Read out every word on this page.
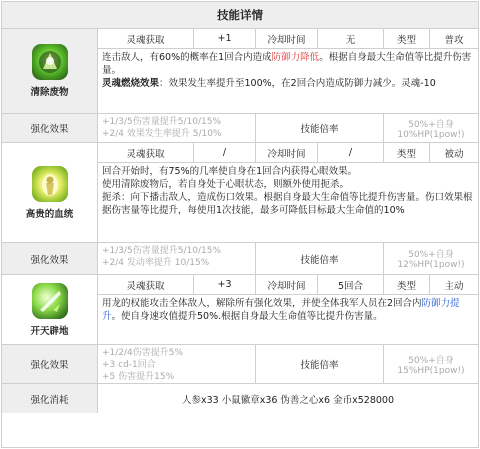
技能详情
清除废物
灵魂获取	+1	冷却时间	无	类型	普攻

连击敌人，有60%的概率在1回合内造成防御力降低。根据自身最大生命值等比提升伤害量。

灵魂燃烧效果：效果发生率提升至100%，在2回合内造成防御力减少。灵魂-10

强化效果
+1/3/5伤害量提升5/10/15%
+2/4 效果发生率提升 5/10%	技能倍率	50%+自身10%HP(1pow!)
高贵的血统
灵魂获取	/	冷却时间	/	类型	被动

回合开始时，有75%的几率使自身在1回合内获得心眼效果。

使用清除废物后，若自身处于心眼状态，则额外使用扼杀。

扼杀：向下播击敌人，造成伤口效果。根据自身最大生命值等比提升伤害量。伤口效果根据伤害量等比提升，每使用1次技能，最多可降低目标最大生命值的10%

强化效果
+1/3/5伤害量提升5/10/15%
+2/4 发动率提升 10/15%	技能倍率	50%+自身12%HP(1pow!)
开天辟地
灵魂获取	+3	冷却时间	5回合	类型	主动

用龙的权能攻击全体敌人，解除所有强化效果，并使全体我军人员在2回合内防御力提升。使自身速攻值提升50%.根据自身最大生命值等比提升伤害量。

强化效果
+1/2/4伤害提升5%
+3 cd-1回合
+5 伤害提升15%
技能倍率	50%+自身15%HP(1pow!)
强化消耗	人参x33 小鼠徽章x36 伪善之心x6 金币x528000
